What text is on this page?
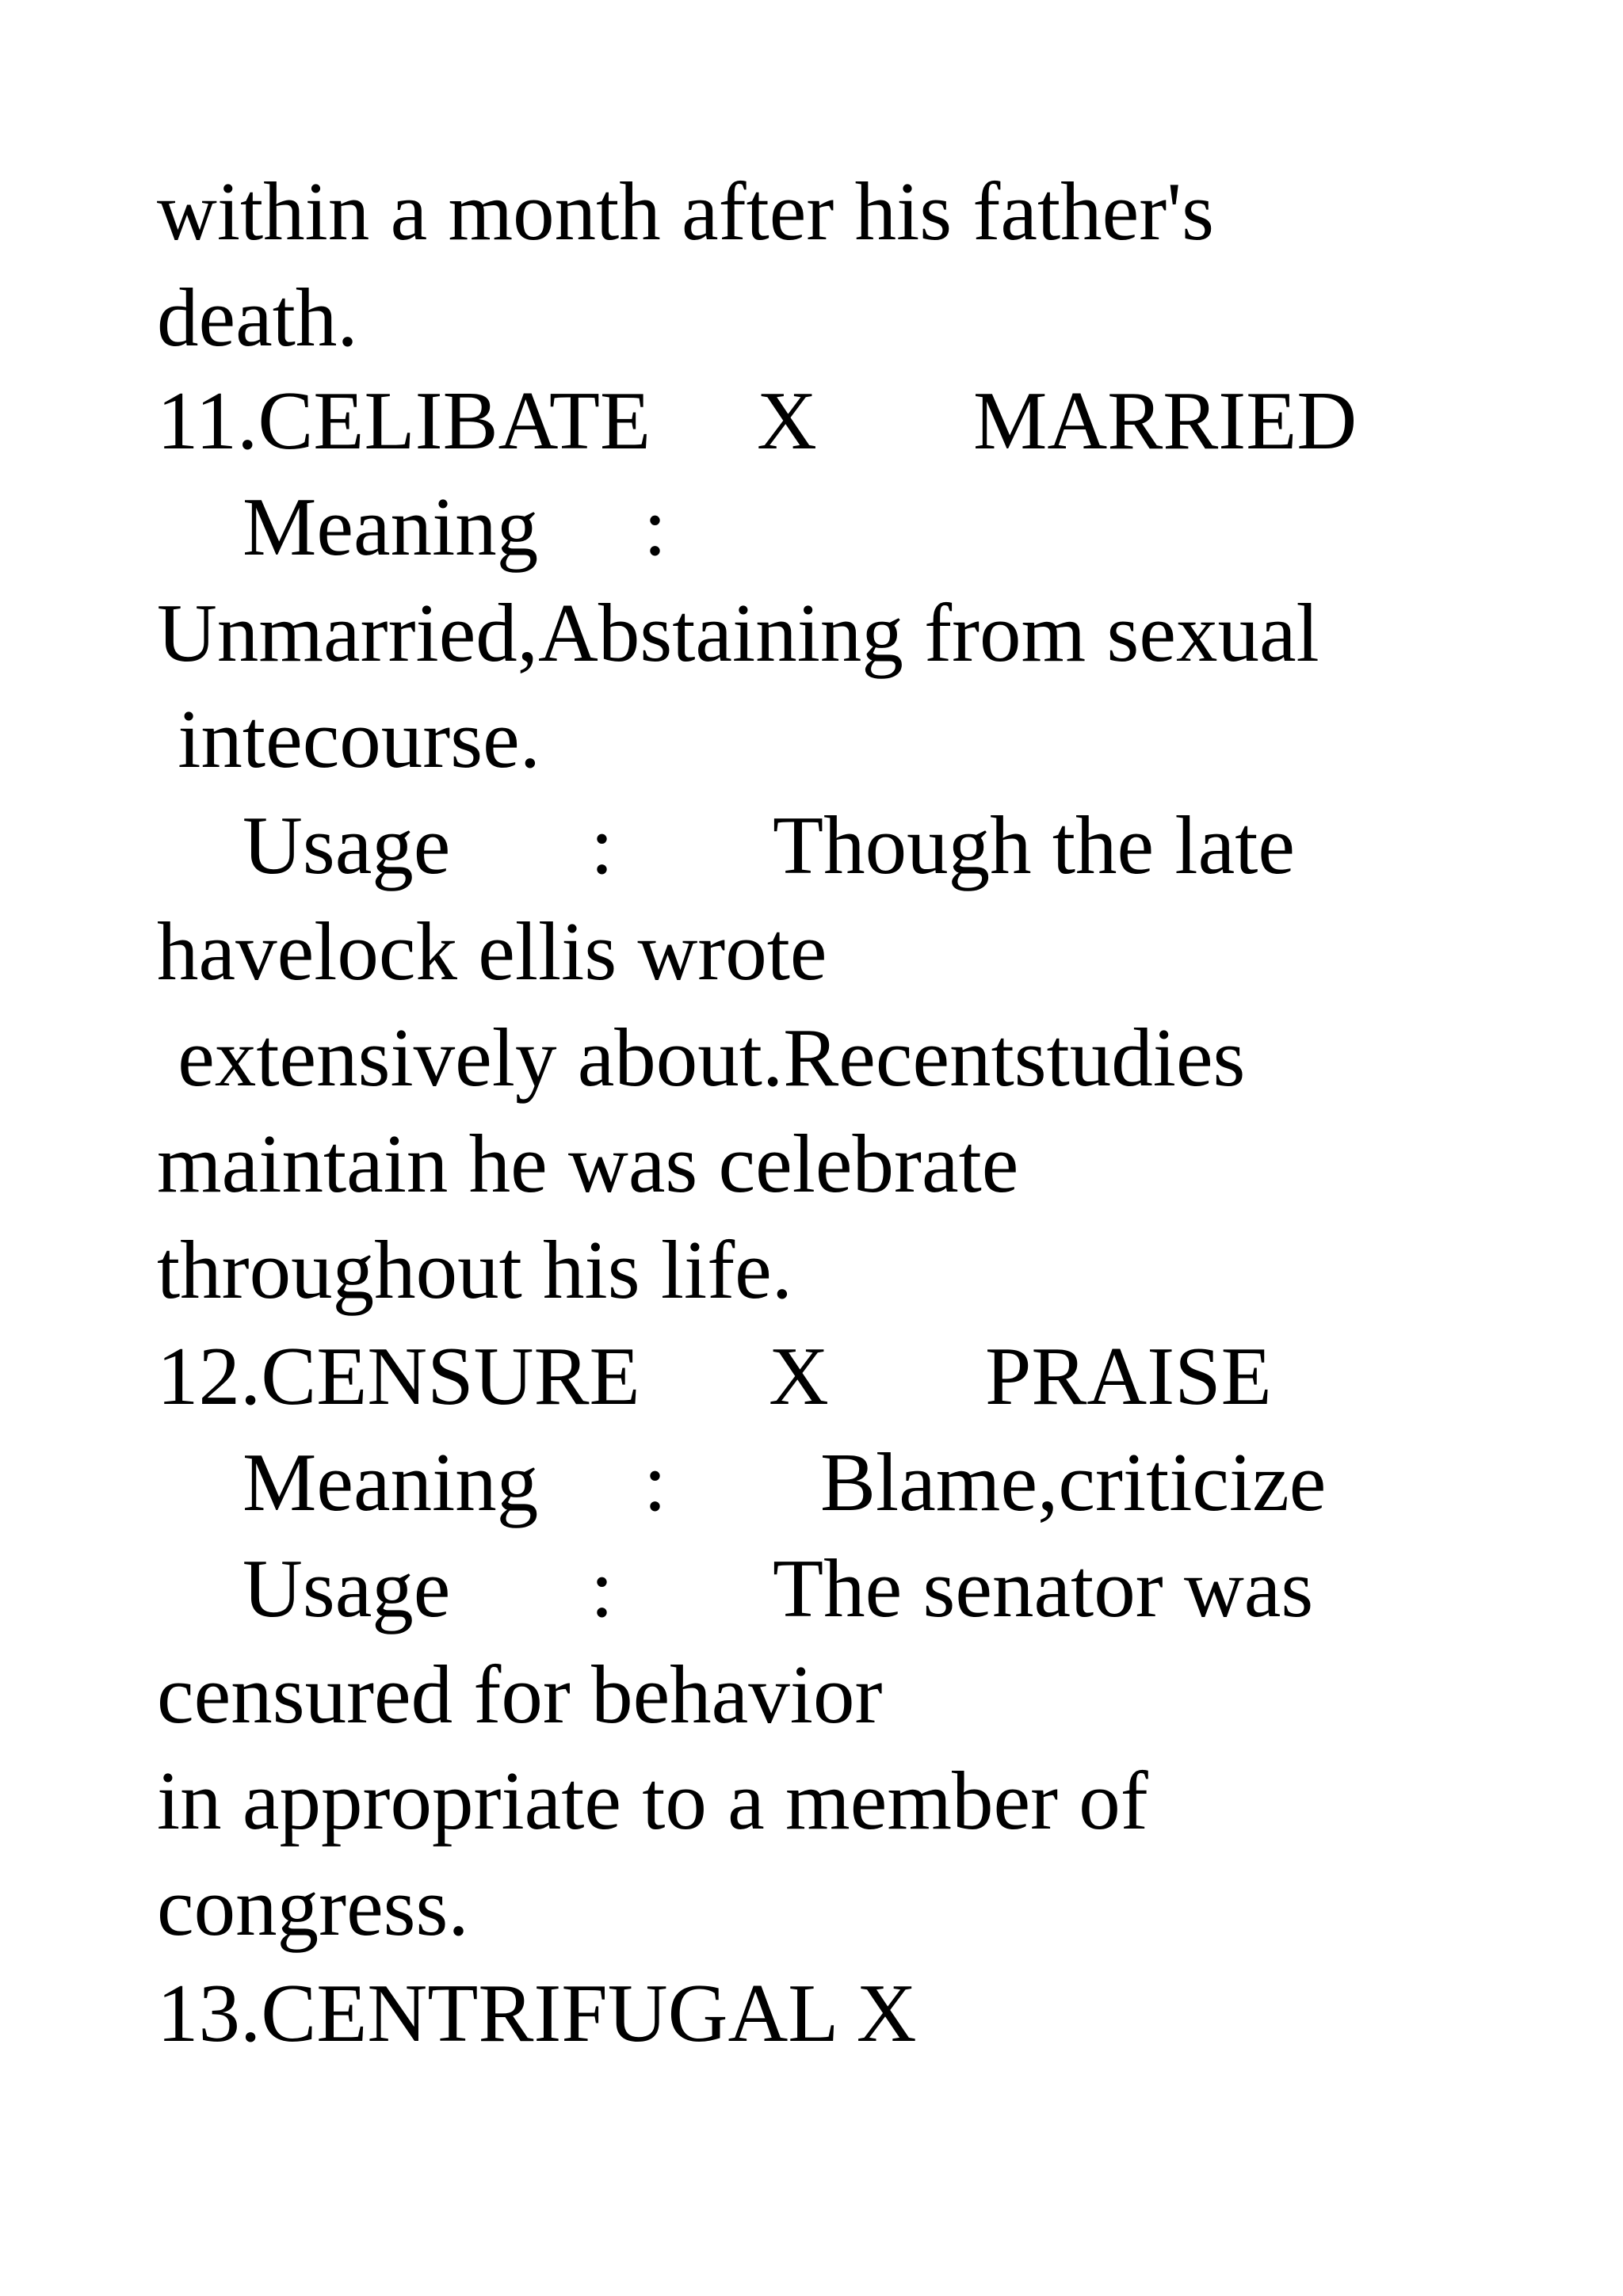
within a month after his father's
death.
11.CELIBATE X MARRIED
Meaning :
Unmarried,Abstaining from sexual
intecourse.
Usage : Though the late
havelock ellis wrote
extensively about.Recentstudies
maintain he was celebrate
throughout his life.
12.CENSURE X PRAISE
Meaning : Blame,criticize
Usage : The senator was
censured for behavior
in appropriate to a member of
congress.
13.CENTRIFUGAL X
